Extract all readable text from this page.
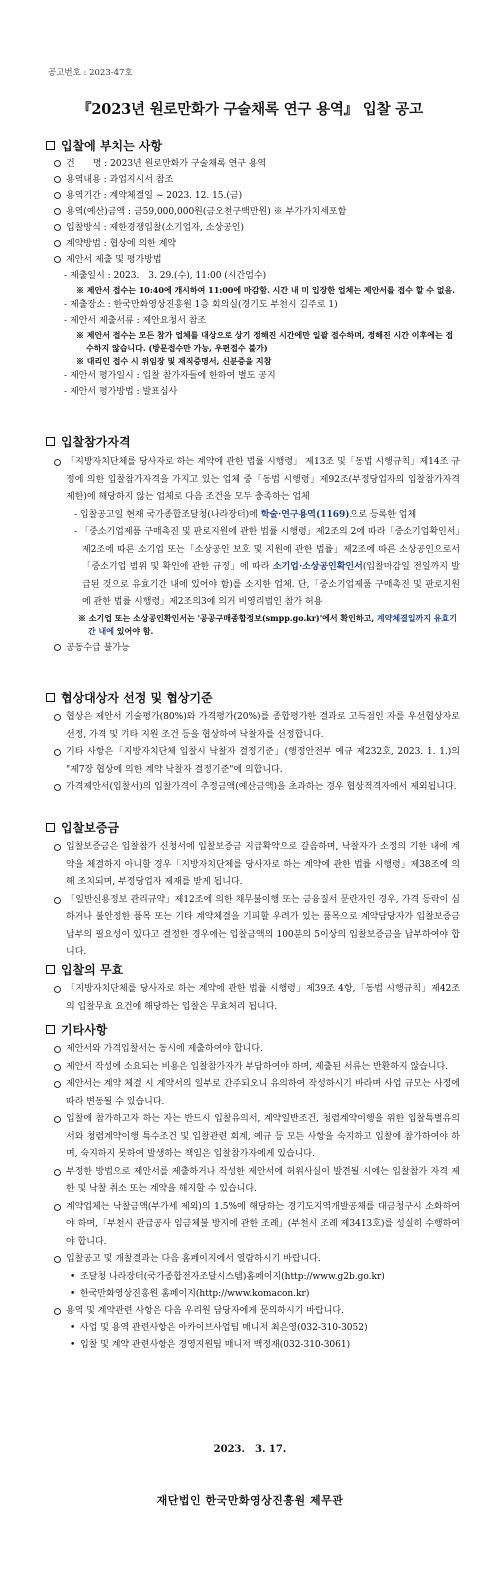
공고번호 : 2023-47호
『2023년 원로만화가 구술채록 연구 용역』 입찰 공고
입찰에 부치는 사항
건　　명 : 2023년 원로만화가 구술채록 연구 용역
용역내용 : 과업지시서 참조
용역기간 : 계약체결일 ~ 2023. 12. 15.(금)
용역(예산)금액 : 금59,000,000원(금오천구백만원) ※ 부가가치세포함
입찰방식 : 제한경쟁입찰(소기업자, 소상공인)
계약방법 : 협상에 의한 계약
제안서 제출 및 평가방법
- 제출일시 : 2023.　3. 29.(수), 11:00 (시간엄수)
※ 제안서 접수는 10:40에 개시하여 11:00에 마감함. 시간 내 미 입장한 업체는 제안서를 접수 할 수 없음.
- 제출장소 : 한국만화영상진흥원 1층 회의실(경기도 부천시 길주로 1)
- 제안서 제출서류 : 제안요청서 참조
※ 제안서 접수는 모든 참가 업체를 대상으로 상기 정해진 시간에만 일괄 접수하며, 정해진 시간 이후에는 접수하지 않습니다. (방문접수만 가능, 우편접수 불가)
※ 대리인 접수 시 위임장 및 재직증명서, 신분증을 지참
- 제안서 평가일시 : 입찰 참가자들에 한하여 별도 공지
- 제안서 평가방법 : 발표심사
입찰참가자격
「지방자치단체를 당사자로 하는 계약에 관한 법률 시행령」 제13조 및「동법 시행규칙」제14조 규정에 의한 입찰참가자격을 가지고 있는 업체 중「동법 시행령」제92조(부정당업자의 입찰참가자격제한)에 해당하지 않는 업체로 다음 조건을 모두 충족하는 업체
- 입찰공고일 현재 국가종합조달청(나라장터)에 학술·연구용역(1169)으로 등록한 업체
- 「중소기업제품 구매촉진 및 판로지원에 관한 법률 시행령」제2조의 2에 따라「중소기업확인서」제2조에 따른 소기업 또는「소상공인 보호 및 지원에 관한 법률」제2조에 따른 소상공인으로서「중소기업 범위 및 확인에 관한 규정」에 따라 소기업·소상공인확인서(입찰마감일 전일까지 발급된 것으로 유효기간 내에 있어야 함)를 소지한 업체. 단,「중소기업제품 구매촉진 및 판로지원에 관한 법률 시행령」제2조의3에 의거 비영리법인 참가 허용
※ 소기업 또는 소상공인확인서는 '공공구매종합정보(smpp.go.kr)'에서 확인하고, 계약체결일까지 유효기간 내에 있어야 함.
공동수급 불가능
협상대상자 선정 및 협상기준
협상은 제안서 기술평가(80%)와 가격평가(20%)를 종합평가한 결과로 고득점인 자를 우선협상자로 선정, 가격 및 기타 지원 조건 등을 협상하여 낙찰자를 선정합니다.
기타 사항은「지방자치단체 입찰시 낙찰자 결정기준」(행정안전부 예규 제232호, 2023. 1. 1.)의 "제7장 협상에 의한 계약 낙찰자 결정기준"에 의합니다.
가격제안서(입찰서)의 입찰가격이 추정금액(예산금액)을 초과하는 경우 협상적격자에서 제외됩니다.
입찰보증금
입찰보증금은 입찰참가 신청서에 입찰보증금 지급확약으로 갈음하며, 낙찰자가 소정의 기한 내에 계약을 체결하지 아니할 경우「지방자치단체를 당사자로 하는 계약에 관한 법률 시행령」제38조에 의해 조치되며, 부정당업자 제재를 받게 됩니다.
「일반신용정보 관리규약」제12조에 의한 채무불이행 또는 금융질서 문란자인 경우, 가격 등락이 심하거나 불안정한 품목 또는 기타 계약체결을 기피할 우려가 있는 품목으로 계약담당자가 입찰보증금 납부의 필요성이 있다고 결정한 경우에는 입찰금액의 100분의 5이상의 입찰보증금을 납부하여야 합니다.
입찰의 무효
「지방자치단체를 당사자로 하는 계약에 관한 법률 시행령」제39조 4항,「동법 시행규칙」제42조의 입찰무효 요건에 해당하는 입찰은 무효처리 됩니다.
기타사항
제안서와 가격입찰서는 동시에 제출하여야 합니다.
제안서 작성에 소요되는 비용은 입찰참가자가 부담하여야 하며, 제출된 서류는 반환하지 않습니다.
제안서는 계약 체결 시 계약서의 일부로 간주되오니 유의하여 작성하시기 바라며 사업 규모는 사정에 따라 변동될 수 있습니다.
입찰에 참가하고자 하는 자는 반드시 입찰유의서, 계약일반조건, 청렴계약이행을 위한 입찰특별유의서와 청렴계약이행 특수조건 및 입찰관련 회계, 예규 등 모든 사항을 숙지하고 입찰에 참가하여야 하며, 숙지하지 못하여 발생하는 책임은 입찰참가자에게 있습니다.
부정한 방법으로 제안서를 제출하거나 작성한 제안서에 허위사실이 발견될 시에는 입찰참가 자격 제한 및 낙찰 취소 또는 계약을 해지할 수 있습니다.
계약업체는 낙찰금액(부가세 제외)의 1.5%에 해당하는 경기도지역개발공채를 대금청구시 소화하여야 하며,「부천시 관급공사 임금체불 방지에 관한 조례」(부천시 조례 제3413호)를 성실히 수행하여야 합니다.
입찰공고 및 개찰결과는 다음 홈페이지에서 열람하시기 바랍니다.
• 조달청 나라장터(국가종합전자조달시스템)홈페이지(http://www.g2b.go.kr)
• 한국만화영상진흥원 홈페이지(http://www.komacon.kr)
용역 및 계약관련 사항은 다음 우리원 담당자에게 문의하시기 바랍니다.
• 사업 및 용역 관련사항은 아카이브사업팀 매니저 최은영(032-310-3052)
• 입찰 및 계약 관련사항은 경영지원팀 매니저 백정재(032-310-3061)
2023.　3. 17.
재단법인 한국만화영상진흥원 제무관
